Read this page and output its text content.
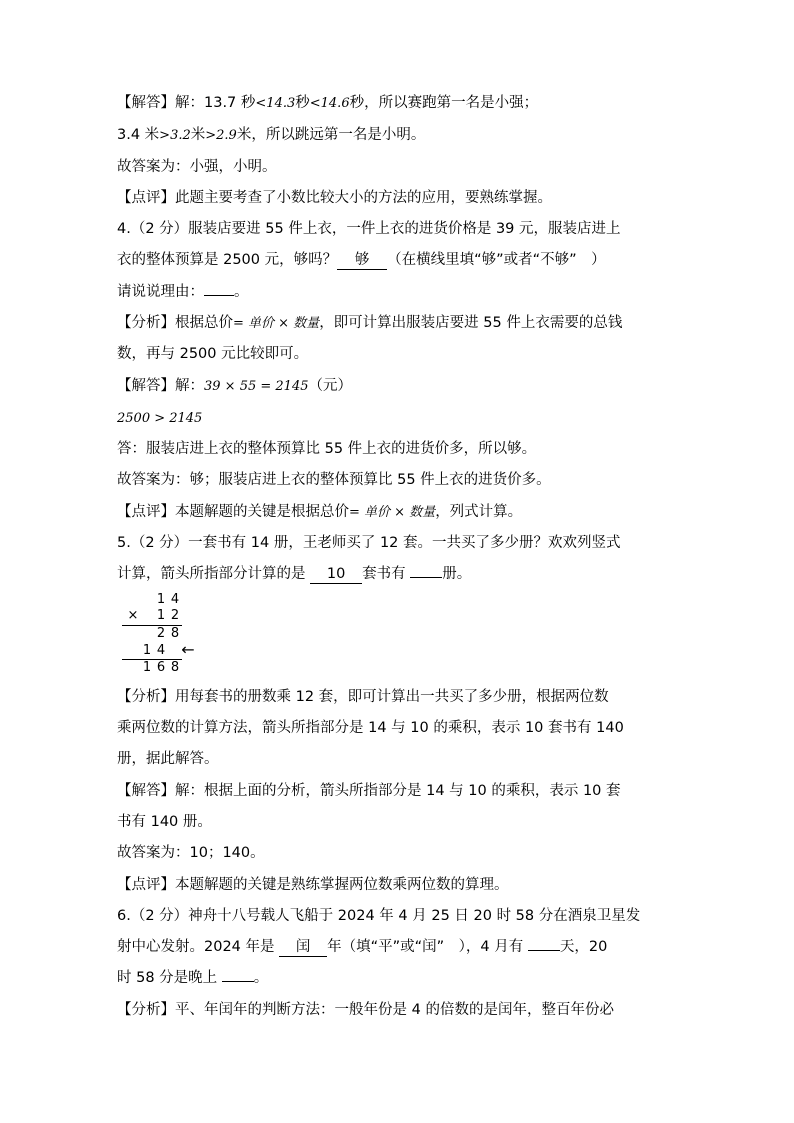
【解答】解：13.7 秒<14.3秒<14.6秒，所以赛跑第一名是小强；
3.4 米>3.2米>2.9米，所以跳远第一名是小明。
故答案为：小强，小明。
【点评】此题主要考查了小数比较大小的方法的应用，要熟练掌握。
4.（2 分）服装店要进 55 件上衣，一件上衣的进货价格是 39 元，服装店进上
衣的整体预算是 2500 元，够吗？ 够 （在横线里填“够”或者“不够”　）
请说说理由： 。
【分析】根据总价= 单价 × 数量，即可计算出服装店要进 55 件上衣需要的总钱
数，再与 2500 元比较即可。
【解答】解：39 × 55 = 2145（元）
2500 > 2145
答：服装店进上衣的整体预算比 55 件上衣的进货价多，所以够。
故答案为：够；服装店进上衣的整体预算比 55 件上衣的进货价多。
【点评】本题解题的关键是根据总价= 单价 × 数量，列式计算。
5.（2 分）一套书有 14 册，王老师买了 12 套。一共买了多少册？欢欢列竖式
计算，箭头所指部分计算的是 10 套书有	册。
1 4
× 1 2
2 8
1 4 ←
1 6 8
【分析】用每套书的册数乘 12 套，即可计算出一共买了多少册，根据两位数
乘两位数的计算方法，箭头所指部分是 14 与 10 的乘积，表示 10 套书有 140
册，据此解答。
【解答】解：根据上面的分析，箭头所指部分是 14 与 10 的乘积，表示 10 套
书有 140 册。
故答案为：10；140。
【点评】本题解题的关键是熟练掌握两位数乘两位数的算理。
6.（2 分）神舟十八号载人飞船于 2024 年 4 月 25 日 20 时 58 分在酒泉卫星发
射中心发射。2024 年是 闰 年（填“平”或“闰”　），4 月有	天，20
时 58 分是晚上	。
【分析】平、年闰年的判断方法：一般年份是 4 的倍数的是闰年，整百年份必
